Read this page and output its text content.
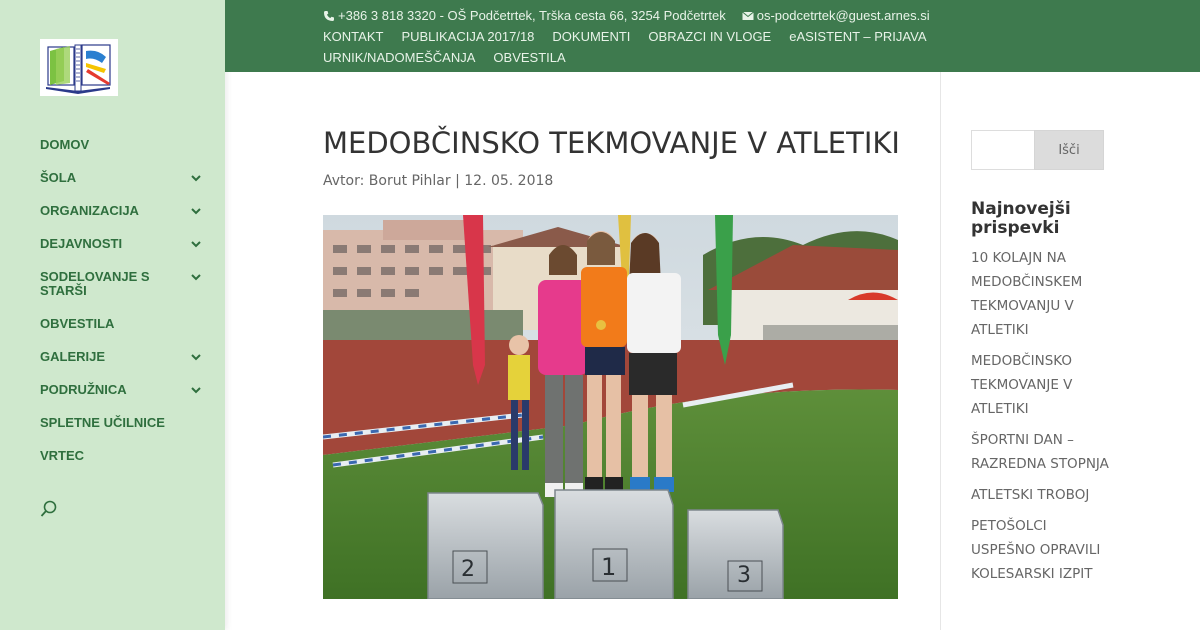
DOMOV
ŠOLA
ORGANIZACIJA
DEJAVNOSTI
SODELOVANJE S STARŠI
OBVESTILA
GALERIJE
PODRUŽNICA
SPLETNE UČILNICE
VRTEC
+386 3 818 3320 - OŠ Podčetrtek, Trška cesta 66, 3254 Podčetrtek os-podcetrtek@guest.arnes.si
KONTAKT PUBLIKACIJA 2017/18 DOKUMENTI OBRAZCI IN VLOGE eASISTENT – PRIJAVA
URNIK/NADOMEŠČANJA OBVESTILA
MEDOBČINSKO TEKMOVANJE V ATLETIKI
Avtor: Borut Pihlar | 12. 05. 2018
2	1	3
Išči
Najnovejši prispevki
10 KOLAJN NA MEDOBČINSKEM TEKMOVANJU V ATLETIKI
MEDOBČINSKO TEKMOVANJE V ATLETIKI
ŠPORTNI DAN – RAZREDNA STOPNJA
ATLETSKI TROBOJ
PETOŠOLCI USPEŠNO OPRAVILI KOLESARSKI IZPIT
